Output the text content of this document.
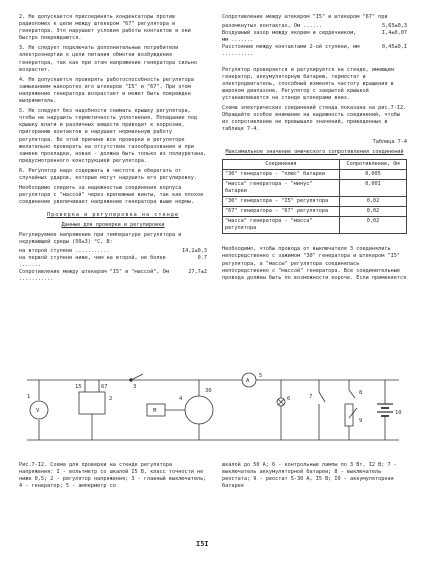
2. Не допускается присоединять конденсаторы против радиопомех к цепи между штекером "67" регулятора и генератора. Это нарушает условия работы контактов и они быстро повреждаются.

3. Не следует подключать дополнительные потребители электроэнергии к цепи питания обмотки возбуждения генератора, так как при этом напряжение генератора сильно возрастет.

4. Не допускается проверять работоспособность регулятора замыканием накоротко его штекеров "I5" и "67". При этом напряжение генератора возрастает и может быть поврежден выпрямитель.

5. Не следует без надобности снимать крышку регулятора, чтобы не нарушить герметичность уплотнения. Попадание под крышку влаги и различных веществ приводит к коррозии, пригоранию контактов и нарушает нормальную работу регулятора. Во этой причине все проверки в регуляторе желательно проверять на отсутствие газообразования и при замене прокладки, новая - должна быть только из полиуретана, предусмотренного конструкцией регулятора.

6. Регулятор надо содержать в чистоте и оберегать от случайных ударов, которые могут нарушить его регулировку.

Необходимо следить за надежностью соединения корпуса регулятора с "массой" через крепежные винты, так как плохое соединение увеличивает напряжение генератора выше нормы.

Проверка и регулировка на стенде

Данные для проверки и регулировки

Регулируемое напряжение при температуре регулятора и окружающей среды (50±3) °С, В:

на второй ступени ...........	I4,2±0,3
на первой ступени ниже, чем на второй, не более .......
0.7
Сопротивление между штекером "I5" и "массой", Ом ...........
27,7±2

Сопротивление между штекером "I5" и штекером "67" при

разомкнутых контактах, Ом ......	5,65±0,3
Воздушный зазор между якорем и сердечником, мм .......
I,4±0,07
Расстояние между контактами 2-ой ступени, мм ..........
0,45±0,I

Регулятор проверяется и регулируется на стенде, имеющем генератор, аккумуляторную батарею, термостат и электродвигатель, способный изменять частоту вращения в широком диапазоне. Регулятор с закрытой крышкой устанавливается на стенде штекерами вниз.

Схема электрических соединений стенда показана на рис.7-I2. Обращайте особое внимание на надежность соединений, чтобы их сопротивление не превышало значений, приведенных в таблице 7-4.

Таблица 7-4

Максимальное значение омического сопротивления соединений

Соединения	Сопротивление, Ом
"30" генератора - "плюс" батареи	0,005
"масса" генератора - "минус" батареи	0,00I
"30" генератора - "I5" регулятора	0,02
"67" генератора - "67" регулятора	0,02
"масса" генератора - "масса" регулятора	0,02

Необходимо, чтобы провода от выключателя 3 соединялись непосредственно с зажимом "30" генератора и штекером "I5" регулятора, а "массы" регулятора соединялась непосредственно с "массой" генератора. Все соединительные провода должны быть по возможности короче. Если применяется

V
1	2
15	67	3
4
30
M
A
5
6	7
8
9
10

Рис.7-I2. Схема для проверки на стенде регулятора напряжения: I - вольтметр со шкалой I5 В, класс точности не ниже 0,5; 2 - регулятор напряжения; 3 - главный выключатель; 4 - генератор; 5 - амперметр со

шкалой до 50 А; 6 - контрольные лампы по 3 Вт. I2 В; 7 - выключатель аккумуляторной батареи; 8 - выключатель реостата; 9 - реостат 5-30 А, I5 В; I0 - аккумуляторная батарея

I5I
